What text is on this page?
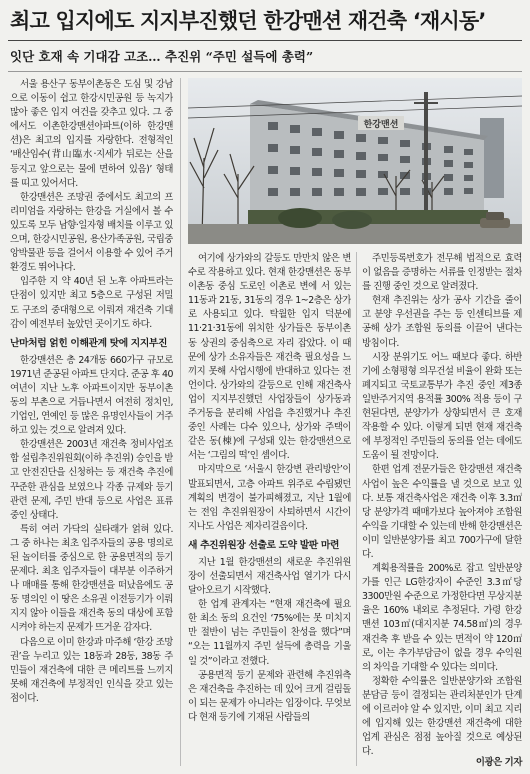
최고 입지에도 지지부진했던 한강맨션 재건축 ‘재시동’
잇단 호재 속 기대감 고조… 추진위 “주민 설득에 총력”

서울 용산구 동부이촌동은 도심 및 강남으로 이동이 쉽고 한강시민공원 등 녹지가 많아 좋은 입지 여건을 갖추고 있다. 그 중에서도 이촌한강맨션아파트(이하 한강맨션)은 최고의 입지를 자랑한다. 전형적인 ‘배산임수(背山臨水·지세가 뒤로는 산을 등지고 앞으로는 물에 면하여 있음)’ 형태를 띠고 있어서다.

한강맨션은 조망권 중에서도 최고의 프리미엄을 자랑하는 한강을 거실에서 볼 수 있도록 모두 남향·일자형 배치를 이루고 있으며, 한강시민공원, 용산가족공원, 국립중앙박물관 등을 걸어서 이용할 수 있어 주거환경도 뛰어나다.

입주한 지 약 40년 된 노후 아파트라는 단점이 있지만 최고 5층으로 구성된 저밀도 구조의 중대형으로 이뤄져 재건축 기대감이 예전부터 높았던 곳이기도 하다.

난마처럼 얽힌 이해관계 탓에 지지부진

한강맨션은 총 24개동 660가구 규모로 1971년 준공된 아파트 단지다. 준공 후 40여년이 지난 노후 아파트이지만 동부이촌동의 부촌으로 거듭나면서 여전히 정치인, 기업인, 연예인 등 많은 유명인사들이 거주하고 있는 것으로 알려져 있다.

한강맨션은 2003년 재건축 정비사업조합 설립추진위원회(이하 추진위) 승인을 받고 안전진단을 신청하는 등 재건축 추진에 꾸준한 관심을 보였으나 각종 규제와 등기 관련 문제, 주민 반대 등으로 사업은 표류 중인 상태다.

특히 여러 가닥의 실타래가 얽혀 있다. 그 중 하나는 최초 입주자들의 공용 명의로 된 놀이터를 중심으로 한 공용면적의 등기 문제다. 최초 입주자들이 대부분 이주하거나 매매를 통해 한강맨션을 떠났음에도 공동 명의인 이 땅은 소유권 이전등기가 이뤄지지 않아 이들을 재건축 동의 대상에 포함시켜야 하는지 문제가 뜨거운 감자다.

다음으로 이미 한강과 마주해 ‘한강 조망권’을 누리고 있는 18동과 28동, 38동 주민들이 재건축에 대한 큰 메리트를 느끼지 못해 재건축에 부정적인 인식을 갖고 있는 점이다.

한강맨션

여기에 상가와의 갈등도 만만치 않은 변수로 작용하고 있다. 현재 한강맨션은 동부이촌동 중심 도로인 이촌로 변에 서 있는 11동과 21동, 31동의 경우 1~2층은 상가로 사용되고 있다. 탁월한 입지 덕분에 11·21·31동에 위치한 상가들은 동부이촌동 상권의 중심축으로 자리 잡았다. 이 때문에 상가 소유자들은 재건축 필요성을 느끼지 못해 사업시행에 반대하고 있다는 전언이다. 상가와의 갈등으로 인해 재건축사업이 지지부진했던 사업장들이 상가동과 주거동을 분리해 사업을 추진했거나 추진 중인 사례는 다수 있으나, 상가와 주택이 같은 동(棟)에 구성돼 있는 한강맨션으로서는 ‘그림의 떡’인 셈이다.

마지막으로 ‘서울시 한강변 관리방안’이 발표되면서, 고층 아파트 위주로 수립됐던 계획의 변경이 불가피해졌고, 지난 1월에는 전임 추진위원장이 사퇴하면서 시간이 지나도 사업은 제자리걸음이다.

새 추진위원장 선출로 도약 발판 마련

지난 1월 한강맨션의 새로운 추진위원장이 선출되면서 재건축사업 열기가 다시 달아오르기 시작했다.

한 업계 관계자는 “현재 재건축에 필요한 최소 동의 요건인 ‘75%에는 못 미치지만 절반이 넘는 주민들이 찬성을 했다”며 “오는 11월까지 주민 설득에 총력을 기울일 것”이라고 전했다.

공용면적 등기 문제와 관련해 추진위측은 재건축을 추진하는 데 있어 크게 걸림돌이 되는 문제가 아니라는 입장이다. 무엇보다 현재 등기에 기재된 사람들의

주민등록번호가 전무해 법적으로 효력이 없음을 증명하는 서류를 인정받는 절차를 진행 중인 것으로 알려졌다.

현재 추진위는 상가 공사 기간을 줄이고 분양 우선권을 주는 등 인센티브를 제공해 상가 조합원 동의를 이끌어 낸다는 방침이다.

시장 분위기도 어느 때보다 좋다. 하반기에 소형평형 의무건설 비율이 완화 또는 폐지되고 국토교통부가 추진 중인 제3종일반주거지역 용적률 300% 적용 등이 구현된다면, 분양가가 상향되면서 큰 호재 작용할 수 있다. 이렇게 되면 현재 재건축에 부정적인 주민들의 동의를 얻는 데에도 도움이 될 전망이다.

한편 업계 전문가들은 한강맨션 재건축사업이 높은 수익률을 낼 것으로 보고 있다. 보통 재건축사업은 재건축 이후 3.3㎡당 분양가격 때매가보다 높아져야 조합원 수익을 기대할 수 있는데 반해 한강맨션은 이미 일반분양가를 최고 700가구에 달한다.

계획용적률을 200%로 잡고 일반분양가를 인근 LG한강자이 수준인 3.3㎡당 3300만원 수준으로 가정한다면 무상지분율은 160% 내외로 추정된다. 가령 한강맨션 103㎡(대지지분 74.58㎡)의 경우 재건축 후 받을 수 있는 면적이 약 120㎡로, 이는 추가부담금이 없을 경우 수익원의 차익을 기대할 수 있다는 의미다.

정확한 수익률은 일반분양가와 조합원분담금 등이 결정되는 관리처분인가 단계에 이르러야 알 수 있지만, 이미 최고 지리에 입지해 있는 한강맨션 재건축에 대한 업계 관심은 점점 높아질 것으로 예상된다.

이광은 기자
